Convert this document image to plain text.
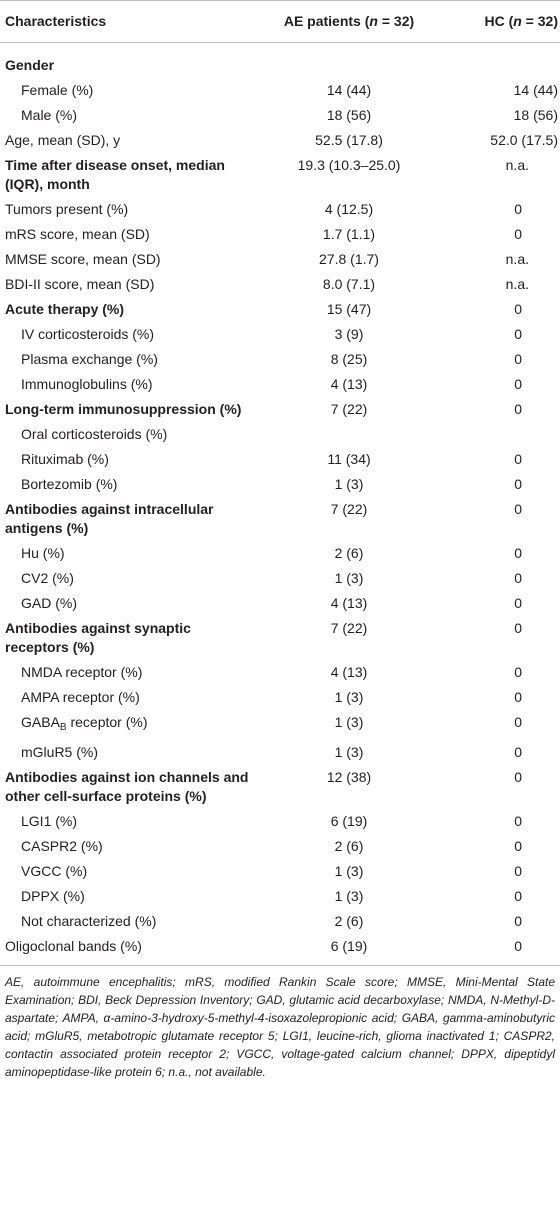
Characteristics	AE patients (n = 32)	HC (n = 32)
Gender		
Female (%)	14 (44)	14 (44)
Male (%)	18 (56)	18 (56)
Age, mean (SD), y	52.5 (17.8)	52.0 (17.5)
Time after disease onset, median (IQR), month	19.3 (10.3–25.0)	n.a.
Tumors present (%)	4 (12.5)	0
mRS score, mean (SD)	1.7 (1.1)	0
MMSE score, mean (SD)	27.8 (1.7)	n.a.
BDI-II score, mean (SD)	8.0 (7.1)	n.a.
Acute therapy (%)	15 (47)	0
IV corticosteroids (%)	3 (9)	0
Plasma exchange (%)	8 (25)	0
Immunoglobulins (%)	4 (13)	0
Long-term immunosuppression (%)	7 (22)	0
Oral corticosteroids (%)		
Rituximab (%)	11 (34)	0
Bortezomib (%)	1 (3)	0
Antibodies against intracellular antigens (%)	7 (22)	0
Hu (%)	2 (6)	0
CV2 (%)	1 (3)	0
GAD (%)	4 (13)	0
Antibodies against synaptic receptors (%)	7 (22)	0
NMDA receptor (%)	4 (13)	0
AMPA receptor (%)	1 (3)	0
$GABA_B$ receptor (%)	1 (3)	0
mGluR5 (%)	1 (3)	0
Antibodies against ion channels and other cell-surface proteins (%)	12 (38)	0
LGI1 (%)	6 (19)	0
CASPR2 (%)	2 (6)	0
VGCC (%)	1 (3)	0
DPPX (%)	1 (3)	0
Not characterized (%)	2 (6)	0
Oligoclonal bands (%)	6 (19)	0

AE, autoimmune encephalitis; mRS, modified Rankin Scale score; MMSE, Mini-Mental State Examination; BDI, Beck Depression Inventory; GAD, glutamic acid decarboxylase; NMDA, N-Methyl-D-aspartate; AMPA, α-amino-3-hydroxy-5-methyl-4-isoxazolepropionic acid; GABA, gamma-aminobutyric acid; mGluR5, metabotropic glutamate receptor 5; LGI1, leucine-rich, glioma inactivated 1; CASPR2, contactin associated protein receptor 2; VGCC, voltage-gated calcium channel; DPPX, dipeptidyl aminopeptidase-like protein 6; n.a., not available.
